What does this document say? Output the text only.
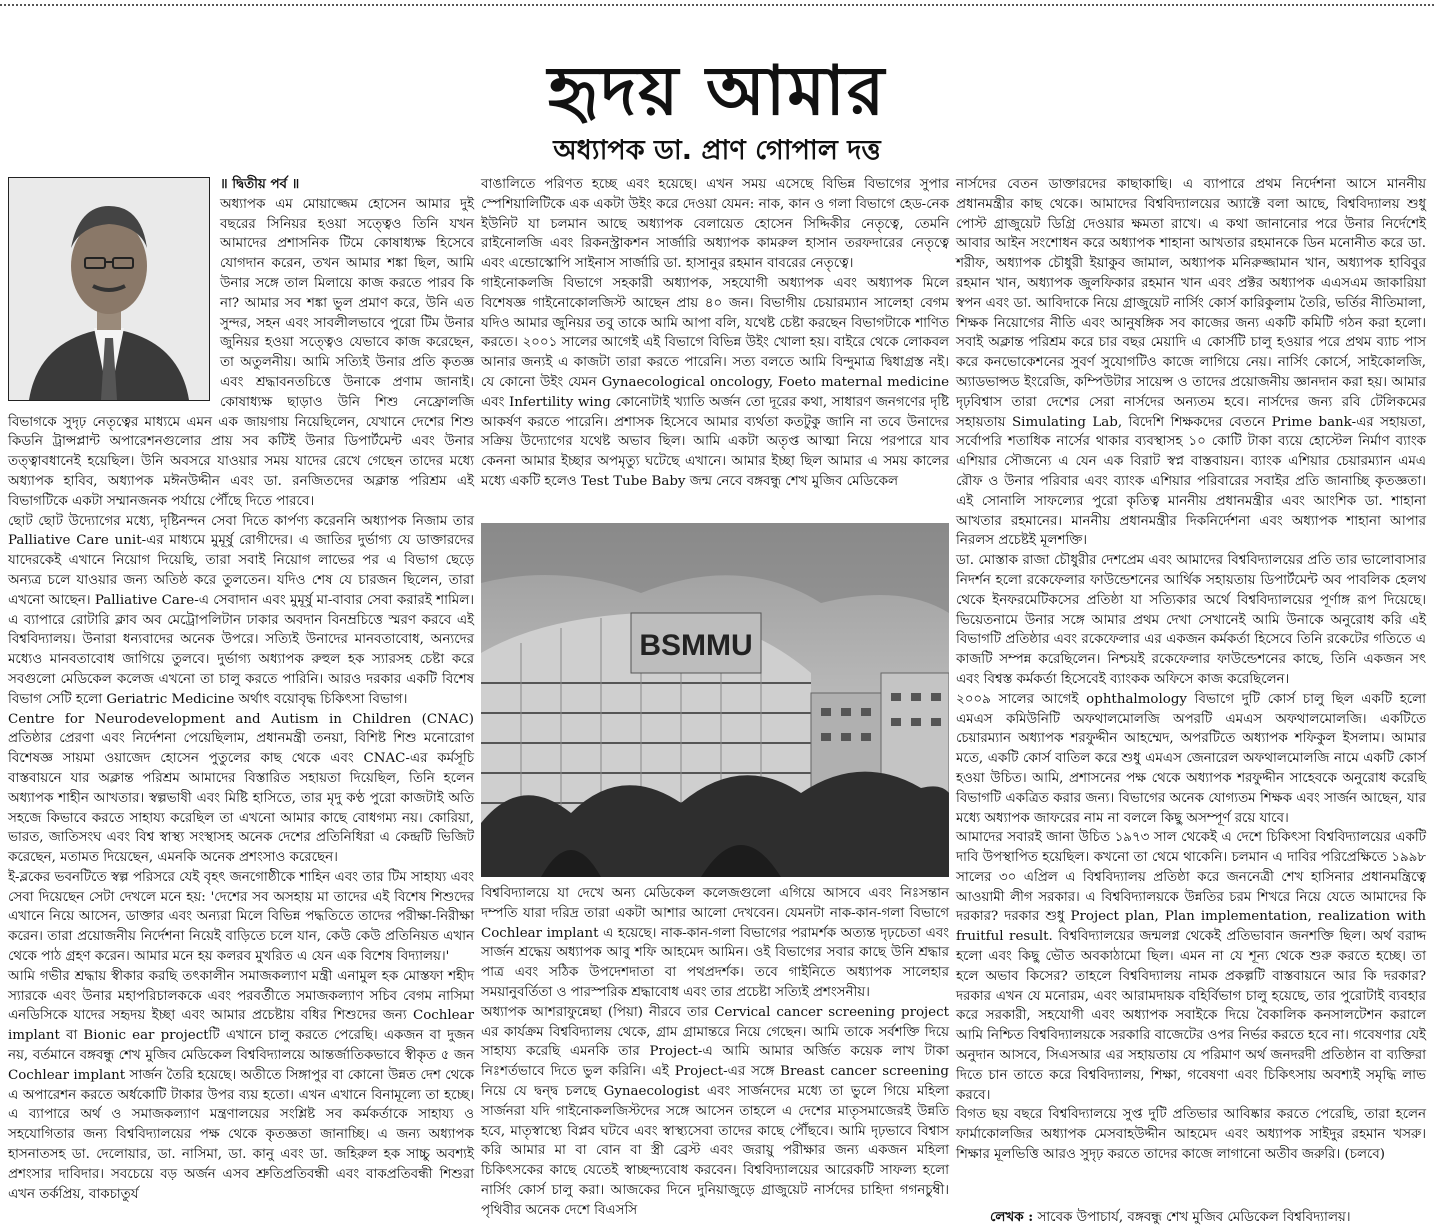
হৃদয় আমার
অধ্যাপক ডা. প্রাণ গোপাল দত্ত

॥ দ্বিতীয় পর্ব ॥

অধ্যাপক এম মোয়াজ্জেম হোসেন আমার দুই বছরের সিনিয়র হওয়া সত্ত্বেও তিনি যখন আমাদের প্রশাসনিক টিমে কোষাধ্যক্ষ হিসেবে যোগদান করেন, তখন আমার শঙ্কা ছিল, আমি উনার সঙ্গে তাল মিলায়ে কাজ করতে পারব কি না? আমার সব শঙ্কা ভুল প্রমাণ করে, উনি এত সুন্দর, সহন এবং সাবলীলভাবে পুরো টিম উনার জুনিয়র হওয়া সত্ত্বেও যেভাবে কাজ করেছেন, তা অতুলনীয়। আমি সত্যিই উনার প্রতি কৃতজ্ঞ এবং শ্রদ্ধাবনতচিত্তে উনাকে প্রণাম জানাই। কোষাধ্যক্ষ ছাড়াও উনি শিশু নেফ্রোলজি বিভাগকে সুদৃঢ় নেতৃত্বের মাধ্যমে এমন এক জায়গায় নিয়েছিলেন, যেখানে দেশের শিশু কিডনি ট্রান্সপ্লান্ট অপারেশনগুলোর প্রায় সব কটিই উনার ডিপার্টমেন্ট এবং উনার তত্ত্বাবধানেই হয়েছিল। উনি অবসরে যাওয়ার সময় যাদের রেখে গেছেন তাদের মধ্যে অধ্যাপক হাবিব, অধ্যাপক মঈনউদ্দীন এবং ডা. রনজিতদের অক্লান্ত পরিশ্রম এই বিভাগটিকে একটা সম্মানজনক পর্যায়ে পৌঁছে দিতে পারবে।

ছোট ছোট উদ্যোগের মধ্যে, দৃষ্টিনন্দন সেবা দিতে কার্পণ্য করেননি অধ্যাপক নিজাম তার Palliative Care unit-এর মাধ্যমে মুমূর্ষু রোগীদের। এ জাতির দুর্ভাগ্য যে ডাক্তারদের যাদেরকেই এখানে নিয়োগ দিয়েছি, তারা সবাই নিয়োগ লাভের পর এ বিভাগ ছেড়ে অন্যত্র চলে যাওয়ার জন্য অতিষ্ঠ করে তুলতেন। যদিও শেষ যে চারজন ছিলেন, তারা এখনো আছেন। Palliative Care-এ সেবাদান এবং মুমূর্ষু মা-বাবার সেবা করারই শামিল। এ ব্যাপারে রোটারি ক্লাব অব মেট্রোপলিটান ঢাকার অবদান বিনম্রচিত্তে স্মরণ করবে এই বিশ্ববিদ্যালয়। উনারা ধন্যবাদের অনেক উপরে। সত্যিই উনাদের মানবতাবোধ, অন্যদের মধ্যেও মানবতাবোধ জাগিয়ে তুলবে। দুর্ভাগ্য অধ্যাপক রুহুল হক স্যারসহ চেষ্টা করে সবগুলো মেডিকেল কলেজ এখনো তা চালু করতে পারিনি। আরও দরকার একটি বিশেষ বিভাগ সেটি হলো Geriatric Medicine অর্থাৎ বয়োবৃদ্ধ চিকিৎসা বিভাগ।

Centre for Neurodevelopment and Autism in Children (CNAC) প্রতিষ্ঠার প্রেরণা এবং নির্দেশনা পেয়েছিলাম, প্রধানমন্ত্রী তনয়া, বিশিষ্ট শিশু মনোরোগ বিশেষজ্ঞ সায়মা ওয়াজেদ হোসেন পুতুলের কাছ থেকে এবং CNAC-এর কর্মসূচি বাস্তবায়নে যার অক্লান্ত পরিশ্রম আমাদের বিস্তারিত সহায়তা দিয়েছিল, তিনি হলেন অধ্যাপক শাহীন আখতার। স্বল্পভাষী এবং মিষ্টি হাসিতে, তার মৃদু কণ্ঠ পুরো কাজটাই অতি সহজে কিভাবে করতে সাহায্য করেছিল তা এখনো আমার কাছে বোধগম্য নয়। কোরিয়া, ভারত, জাতিসংঘ এবং বিশ্ব স্বাস্থ্য সংস্থাসহ অনেক দেশের প্রতিনিধিরা এ কেন্দ্রটি ভিজিট করেছেন, মতামত দিয়েছেন, এমনকি অনেক প্রশংসাও করেছেন।

ই-ব্লকের ভবনটিতে স্বল্প পরিসরে যেই বৃহৎ জনগোষ্ঠীকে শাহিন এবং তার টিম সাহায্য এবং সেবা দিয়েছেন সেটা দেখলে মনে হয়: 'দেশের সব অসহায় মা তাদের এই বিশেষ শিশুদের এখানে নিয়ে আসেন, ডাক্তার এবং অন্যরা মিলে বিভিন্ন পদ্ধতিতে তাদের পরীক্ষা-নিরীক্ষা করেন। তারা প্রয়োজনীয় নির্দেশনা নিয়েই বাড়িতে চলে যান, কেউ কেউ প্রতিনিয়ত এখান থেকে পাঠ গ্রহণ করেন। আমার মনে হয় কলরব মুখরিত এ যেন এক বিশেষ বিদ্যালয়।'

আমি গভীর শ্রদ্ধায় স্বীকার করছি তৎকালীন সমাজকল্যাণ মন্ত্রী এনামুল হক মোস্তফা শহীদ স্যারকে এবং উনার মহাপরিচালককে এবং পরবর্তীতে সমাজকল্যাণ সচিব বেগম নাসিমা এনডিসিকে যাদের সহৃদয় ইচ্ছা এবং আমার প্রচেষ্টায় বধির শিশুদের জন্য Cochlear implant বা Bionic ear projectটি এখানে চালু করতে পেরেছি। একজন বা দুজন নয়, বর্তমানে বঙ্গবন্ধু শেখ মুজিব মেডিকেল বিশ্ববিদ্যালয়ে আন্তর্জাতিকভাবে স্বীকৃত ৫ জন Cochlear implant সার্জন তৈরি হয়েছে। অতীতে সিঙ্গাপুর বা কোনো উন্নত দেশ থেকে এ অপারেশন করতে অর্ধকোটি টাকার উপর ব্যয় হতো। এখন এখানে বিনামূল্যে তা হচ্ছে। এ ব্যাপারে অর্থ ও সমাজকল্যাণ মন্ত্রণালয়ের সংশ্লিষ্ট সব কর্মকর্তাকে সাহায্য ও সহযোগিতার জন্য বিশ্ববিদ্যালয়ের পক্ষ থেকে কৃতজ্ঞতা জানাচ্ছি। এ জন্য অধ্যাপক হাসনাতসহ ডা. দেলোয়ার, ডা. নাসিমা, ডা. কানু এবং ডা. জহিরুল হক সাচ্চু অবশ্যই প্রশংসার দাবিদার। সবচেয়ে বড় অর্জন এসব শ্রুতিপ্রতিবন্ধী এবং বাকপ্রতিবন্ধী শিশুরা এখন তর্কপ্রিয়, বাকচাতুর্য

বাঙালিতে পরিণত হচ্ছে এবং হয়েছে। এখন সময় এসেছে বিভিন্ন বিভাগের সুপার স্পেশিয়ালিটিকে এক একটা উইং করে দেওয়া যেমন: নাক, কান ও গলা বিভাগে হেড-নেক ইউনিট যা চলমান আছে অধ্যাপক বেলায়েত হোসেন সিদ্দিকীর নেতৃত্বে, তেমনি রাইনোলজি এবং রিকনস্ট্রাকশন সার্জারি অধ্যাপক কামরুল হাসান তরফদারের নেতৃত্বে এবং এন্ডোস্কোপি সাইনাস সার্জারি ডা. হাসানুর রহমান বাবরের নেতৃত্বে।

গাইনোকলজি বিভাগে সহকারী অধ্যাপক, সহযোগী অধ্যাপক এবং অধ্যাপক মিলে বিশেষজ্ঞ গাইনোকোলজিস্ট আছেন প্রায় ৪০ জন। বিভাগীয় চেয়ারম্যান সালেহা বেগম যদিও আমার জুনিয়র তবু তাকে আমি আপা বলি, যথেষ্ট চেষ্টা করছেন বিভাগটাকে শাণিত করতে। ২০০১ সালের আগেই এই বিভাগে বিভিন্ন উইং খোলা হয়। বাইরে থেকে লোকবল আনার জন্যই এ কাজটা তারা করতে পারেনি। সত্য বলতে আমি বিন্দুমাত্র দ্বিধাগ্রস্ত নই। যে কোনো উইং যেমন Gynaecological oncology, Foeto maternal medicine এবং Infertility wing কোনোটাই খ্যাতি অর্জন তো দূরের কথা, সাধারণ জনগণের দৃষ্টি আকর্ষণ করতে পারেনি। প্রশাসক হিসেবে আমার ব্যর্থতা কতটুকু জানি না তবে উনাদের সক্রিয় উদ্যোগের যথেষ্ট অভাব ছিল। আমি একটা অতৃপ্ত আত্মা নিয়ে পরপারে যাব কেননা আমার ইচ্ছার অপমৃত্যু ঘটেছে এখানে। আমার ইচ্ছা ছিল আমার এ সময় কালের মধ্যে একটি হলেও Test Tube Baby জন্ম নেবে বঙ্গবন্ধু শেখ মুজিব মেডিকেল

BSMMU

বিশ্ববিদ্যালয়ে যা দেখে অন্য মেডিকেল কলেজগুলো এগিয়ে আসবে এবং নিঃসন্তান দম্পতি যারা দরিদ্র তারা একটা আশার আলো দেখবেন। যেমনটা নাক-কান-গলা বিভাগে Cochlear implant এ হয়েছে। নাক-কান-গলা বিভাগের পরামর্শক অত্যন্ত দৃঢ়চেতা এবং সার্জন শ্রদ্ধেয় অধ্যাপক আবু শফি আহমেদ আমিন। ওই বিভাগের সবার কাছে উনি শ্রদ্ধার পাত্র এবং সঠিক উপদেশদাতা বা পথপ্রদর্শক। তবে গাইনিতে অধ্যাপক সালেহার সময়ানুবর্তিতা ও পারস্পরিক শ্রদ্ধাবোধ এবং তার প্রচেষ্টা সত্যিই প্রশংসনীয়।

অধ্যাপক আশরাফুন্নেছা (পিয়া) নীরবে তার Cervical cancer screening project এর কার্যক্রম বিশ্ববিদ্যালয় থেকে, গ্রাম গ্রামান্তরে নিয়ে গেছেন। আমি তাকে সর্বশক্তি দিয়ে সাহায্য করেছি এমনকি তার Project-এ আমি আমার অর্জিত কয়েক লাখ টাকা নিঃশর্তভাবে দিতে ভুল করিনি। এই Project-এর সঙ্গে Breast cancer screening নিয়ে যে দ্বন্দ্ব চলছে Gynaecologist এবং সার্জনদের মধ্যে তা ভুলে গিয়ে মহিলা সার্জনরা যদি গাইনোকলজিস্টদের সঙ্গে আসেন তাহলে এ দেশের মাতৃসমাজেরই উন্নতি হবে, মাতৃস্বাস্থ্যে বিপ্লব ঘটবে এবং স্বাস্থ্যসেবা তাদের কাছে পৌঁছবে। আমি দৃঢ়ভাবে বিশ্বাস করি আমার মা বা বোন বা স্ত্রী ব্রেস্ট এবং জরায়ু পরীক্ষার জন্য একজন মহিলা চিকিৎসকের কাছে যেতেই স্বাচ্ছন্দ্যবোধ করবেন। বিশ্ববিদ্যালয়ের আরেকটি সাফল্য হলো নার্সিং কোর্স চালু করা। আজকের দিনে দুনিয়াজুড়ে গ্রাজুয়েট নার্সদের চাহিদা গগনচুম্বী। পৃথিবীর অনেক দেশে বিএসসি

নার্সদের বেতন ডাক্তারদের কাছাকাছি। এ ব্যাপারে প্রথম নির্দেশনা আসে মাননীয় প্রধানমন্ত্রীর কাছ থেকে। আমাদের বিশ্ববিদ্যালয়ের অ্যাক্টে বলা আছে, বিশ্ববিদ্যালয় শুধু পোস্ট গ্রাজুয়েট ডিগ্রি দেওয়ার ক্ষমতা রাখে। এ কথা জানানোর পরে উনার নির্দেশেই আবার আইন সংশোধন করে অধ্যাপক শাহানা আখতার রহমানকে ডিন মনোনীত করে ডা. শরীফ, অধ্যাপক চৌধুরী ইয়াকুব জামাল, অধ্যাপক মনিরুজ্জামান খান, অধ্যাপক হাবিবুর রহমান খান, অধ্যাপক জুলফিকার রহমান খান এবং প্রক্টর অধ্যাপক এএসএম জাকারিয়া স্বপন এবং ডা. আবিদাকে নিয়ে গ্রাজুয়েট নার্সিং কোর্স কারিকুলাম তৈরি, ভর্তির নীতিমালা, শিক্ষক নিয়োগের নীতি এবং আনুষঙ্গিক সব কাজের জন্য একটি কমিটি গঠন করা হলো। সবাই অক্লান্ত পরিশ্রম করে চার বছর মেয়াদি এ কোর্সটি চালু হওয়ার পরে প্রথম ব্যাচ পাস করে কনভোকেশনের সুবর্ণ সুযোগটিও কাজে লাগিয়ে নেয়। নার্সিং কোর্সে, সাইকোলজি, অ্যাডভান্সড ইংরেজি, কম্পিউটার সায়েন্স ও তাদের প্রয়োজনীয় জ্ঞানদান করা হয়। আমার দৃঢ়বিশ্বাস তারা দেশের সেরা নার্সদের অন্যতম হবে। নার্সদের জন্য রবি টেলিকমের সহায়তায় Simulating Lab, বিদেশি শিক্ষকদের বেতনে Prime bank-এর সহায়তা, সর্বোপরি শতাধিক নার্সের থাকার ব্যবস্থাসহ ১০ কোটি টাকা ব্যয়ে হোস্টেল নির্মাণ ব্যাংক এশিয়ার সৌজন্যে এ যেন এক বিরাট স্বপ্ন বাস্তবায়ন। ব্যাংক এশিয়ার চেয়ারম্যান এমএ রৌফ ও উনার পরিবার এবং ব্যাংক এশিয়ার পরিবারের সবাইর প্রতি জানাচ্ছি কৃতজ্ঞতা। এই সোনালি সাফল্যের পুরো কৃতিত্ব মাননীয় প্রধানমন্ত্রীর এবং আংশিক ডা. শাহানা আখতার রহমানের। মাননীয় প্রধানমন্ত্রীর দিকনির্দেশনা এবং অধ্যাপক শাহানা আপার নিরলস প্রচেষ্টই মূলশক্তি।

ডা. মোস্তাক রাজা চৌধুরীর দেশপ্রেম এবং আমাদের বিশ্ববিদ্যালয়ের প্রতি তার ভালোবাসার নিদর্শন হলো রকেফেলার ফাউন্ডেশনের আর্থিক সহায়তায় ডিপার্টমেন্ট অব পাবলিক হেলথ থেকে ইনফরমেটিকসের প্রতিষ্ঠা যা সত্যিকার অর্থে বিশ্ববিদ্যালয়ের পূর্ণাঙ্গ রূপ দিয়েছে। ভিয়েতনামে উনার সঙ্গে আমার প্রথম দেখা সেখানেই আমি উনাকে অনুরোধ করি এই বিভাগটি প্রতিষ্ঠার এবং রকেফেলার এর একজন কর্মকর্তা হিসেবে তিনি রকেটের গতিতে এ কাজটি সম্পন্ন করেছিলেন। নিশ্চয়ই রকেফেলার ফাউন্ডেশনের কাছে, তিনি একজন সৎ এবং বিশ্বস্ত কর্মকর্তা হিসেবেই ব্যাংকক অফিসে কাজ করেছিলেন।

২০০৯ সালের আগেই ophthalmology বিভাগে দুটি কোর্স চালু ছিল একটি হলো এমএস কমিউনিটি অফথালমোলজি অপরটি এমএস অফথালমোলজি। একটিতে চেয়ারম্যান অধ্যাপক শরফুদ্দীন আহম্মেদ, অপরটিতে অধ্যাপক শফিকুল ইসলাম। আমার মতে, একটি কোর্স বাতিল করে শুধু এমএস জেনারেল অফথালমোলজি নামে একটি কোর্স হওয়া উচিত। আমি, প্রশাসনের পক্ষ থেকে অধ্যাপক শরফুদ্দীন সাহেবকে অনুরোধ করেছি বিভাগটি একত্রিত করার জন্য। বিভাগের অনেক যোগ্যতম শিক্ষক এবং সার্জন আছেন, যার মধ্যে অধ্যাপক জাফরের নাম না বললে কিছু অসম্পূর্ণ রয়ে যাবে।

আমাদের সবারই জানা উচিত ১৯৭৩ সাল থেকেই এ দেশে চিকিৎসা বিশ্ববিদ্যালয়ের একটি দাবি উপস্থাপিত হয়েছিল। কখনো তা থেমে থাকেনি। চলমান এ দাবির পরিপ্রেক্ষিতে ১৯৯৮ সালের ৩০ এপ্রিল এ বিশ্ববিদ্যালয় প্রতিষ্ঠা করে জননেত্রী শেখ হাসিনার প্রধানমন্ত্রিত্বে আওয়ামী লীগ সরকার। এ বিশ্ববিদ্যালয়কে উন্নতির চরম শিখরে নিয়ে যেতে আমাদের কি দরকার? দরকার শুধু Project plan, Plan implementation, realization with fruitful result. বিশ্ববিদ্যালয়ের জন্মলগ্ন থেকেই প্রতিভাবান জনশক্তি ছিল। অর্থ বরাদ্দ হলো এবং কিছু ভৌত অবকাঠামো ছিল। এমন না যে শূন্য থেকে শুরু করতে হচ্ছে। তা হলে অভাব কিসের? তাহলে বিশ্ববিদ্যালয় নামক প্রকল্পটি বাস্তবায়নে আর কি দরকার? দরকার এখন যে মনোরম, এবং আরামদায়ক বহির্বিভাগ চালু হয়েছে, তার পুরোটাই ব্যবহার করে সরকারী, সহযোগী এবং অধ্যাপক সবাইকে দিয়ে বৈকালিক কনসালটেশন করালে আমি নিশ্চিত বিশ্ববিদ্যালয়কে সরকারি বাজেটের ওপর নির্ভর করতে হবে না। গবেষণার যেই অনুদান আসবে, সিএসআর এর সহায়তায় যে পরিমাণ অর্থ জনদরদী প্রতিষ্ঠান বা ব্যক্তিরা দিতে চান তাতে করে বিশ্ববিদ্যালয়, শিক্ষা, গবেষণা এবং চিকিৎসায় অবশ্যই সমৃদ্ধি লাভ করবে।

বিগত ছয় বছরে বিশ্ববিদ্যালয়ে সুপ্ত দুটি প্রতিভার আবিষ্কার করতে পেরেছি, তারা হলেন ফার্মাকোলজির অধ্যাপক মেসবাহউদ্দীন আহমেদ এবং অধ্যাপক সাইদুর রহমান খসরু। শিক্ষার মূলভিত্তি আরও সুদৃঢ় করতে তাদের কাজে লাগানো অতীব জরুরি। (চলবে)

লেখক : সাবেক উপাচার্য, বঙ্গবন্ধু শেখ মুজিব মেডিকেল বিশ্ববিদ্যালয়।
